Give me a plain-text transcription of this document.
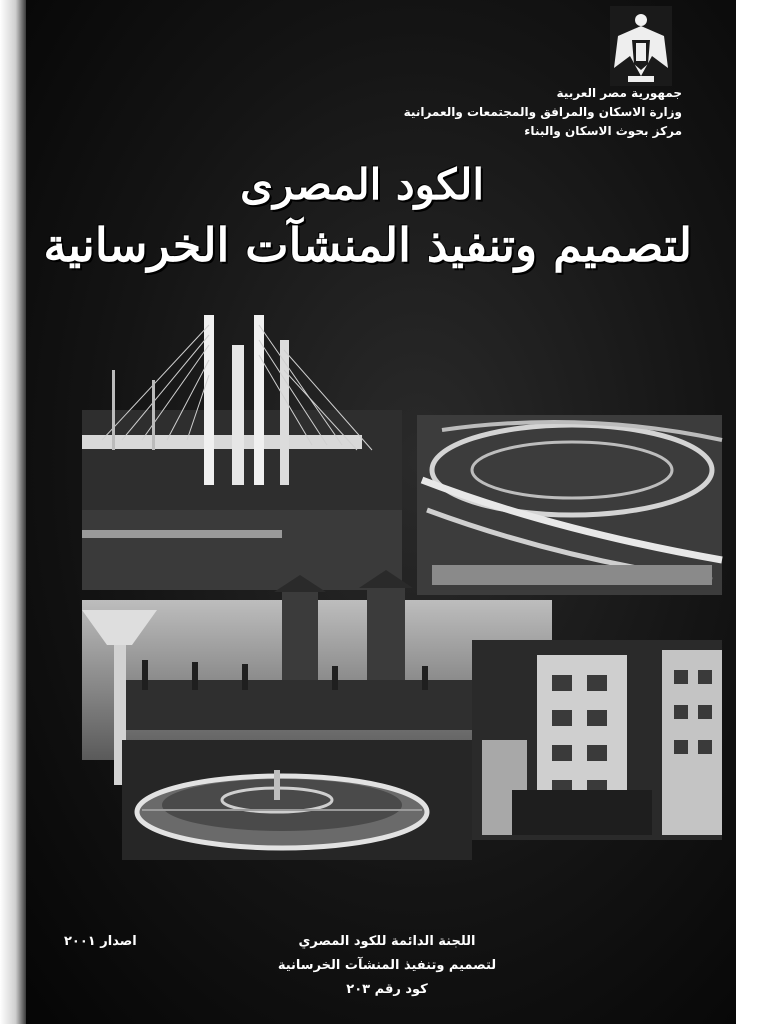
جمهورية مصر العربية
وزارة الاسكان والمرافق والمجتمعات والعمرانية
مركز بحوث الاسكان والبناء
الكود المصرى
لتصميم وتنفيذ المنشآت الخرسانية
اللجنة الدائمة للكود المصري
لتصميم وتنفيذ المنشآت الخرسانية
كود رقم ٢٠٣
اصدار ٢٠٠١
